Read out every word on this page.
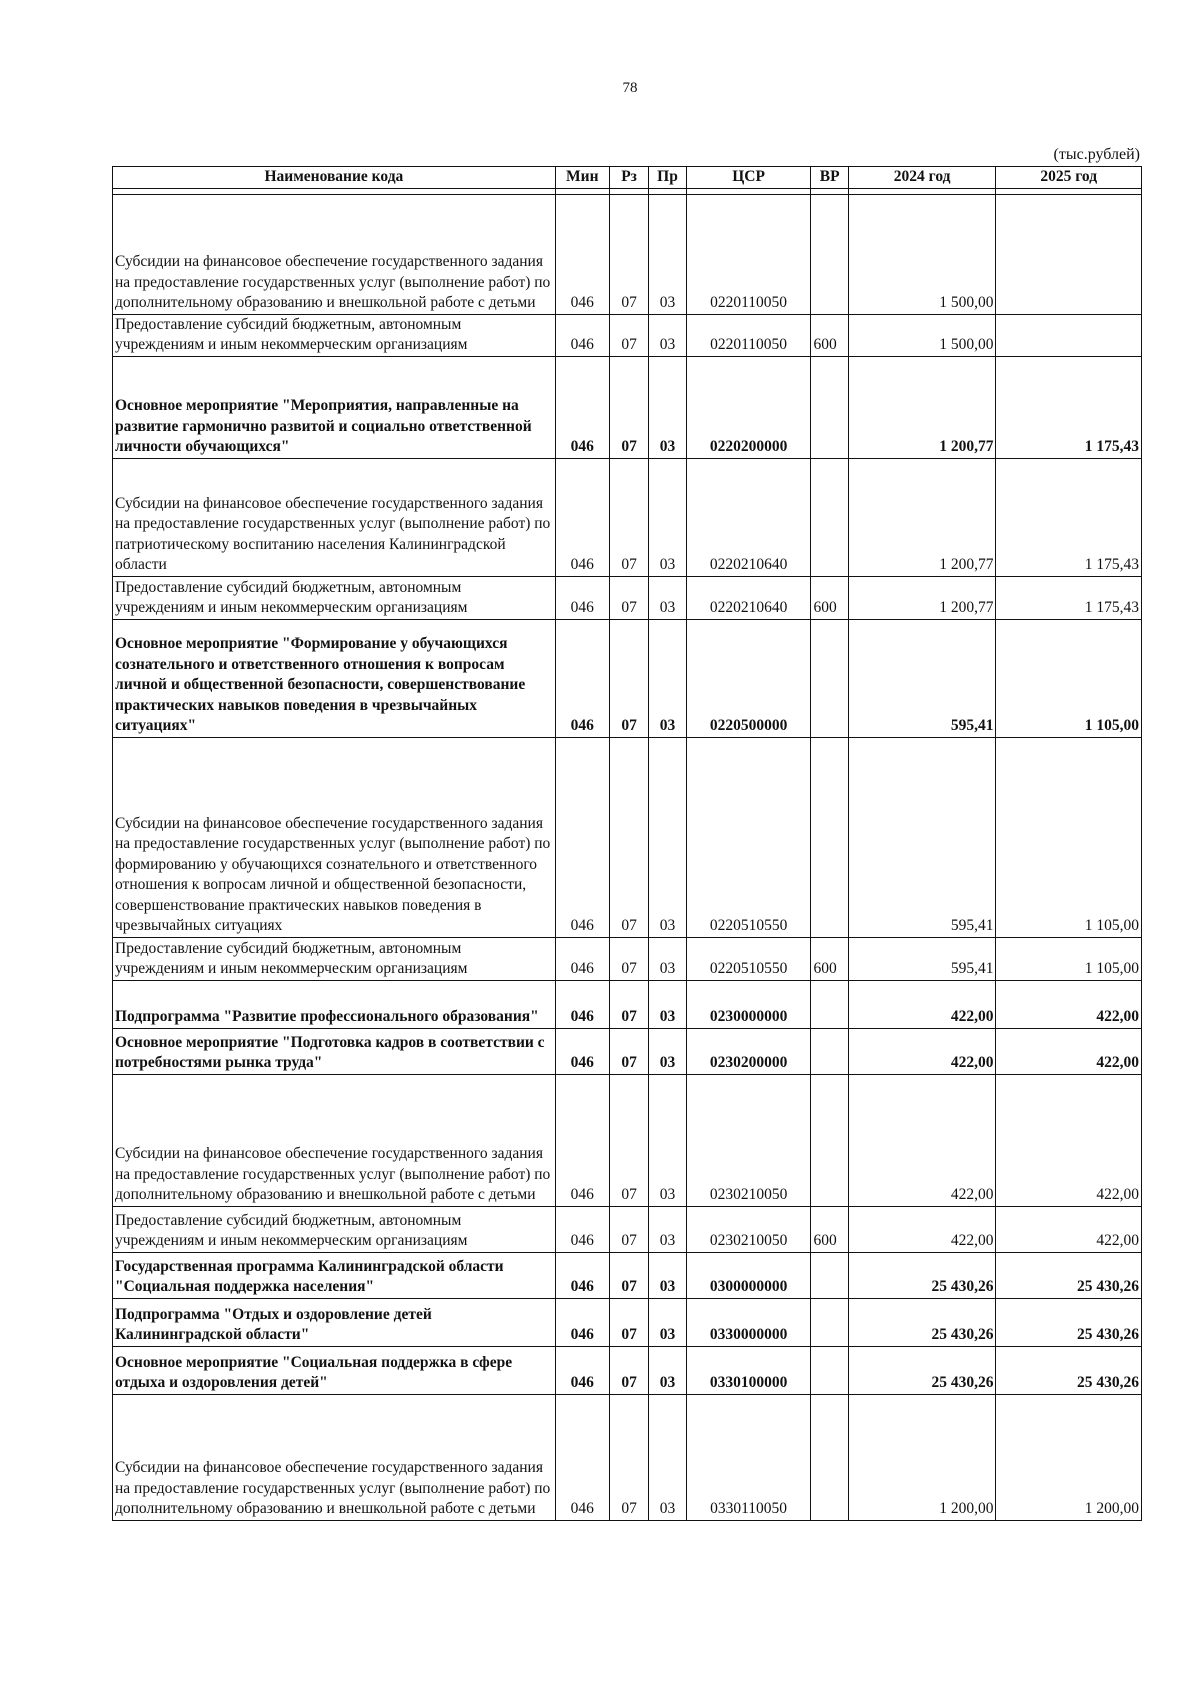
78
(тыс.рублей)
Наименование кода	Мин	Рз	Пр	ЦСР	ВР	2024 год	2025 год

Субсидии на финансовое обеспечение государственного задания на предоставление государственных услуг (выполнение работ) по дополнительному образованию и внешкольной работе с детьми	046	07	03	0220110050		1 500,00	
Предоставление субсидий бюджетным, автономным учреждениям и иным некоммерческим организациям	046	07	03	0220110050	600	1 500,00	
Основное мероприятие "Мероприятия, направленные на развитие гармонично развитой и социально ответственной личности обучающихся"	046	07	03	0220200000		1 200,77	1 175,43
Субсидии на финансовое обеспечение государственного задания на предоставление государственных услуг (выполнение работ) по патриотическому воспитанию населения Калининградской области	046	07	03	0220210640		1 200,77	1 175,43
Предоставление субсидий бюджетным, автономным учреждениям и иным некоммерческим организациям	046	07	03	0220210640	600	1 200,77	1 175,43
Основное мероприятие "Формирование у обучающихся сознательного и ответственного отношения к вопросам личной и общественной безопасности, совершенствование практических навыков поведения в чрезвычайных ситуациях"	046	07	03	0220500000		595,41	1 105,00
Субсидии на финансовое обеспечение государственного задания на предоставление государственных услуг (выполнение работ) по формированию у обучающихся сознательного и ответственного отношения к вопросам личной и общественной безопасности, совершенствование практических навыков поведения в чрезвычайных ситуациях	046	07	03	0220510550		595,41	1 105,00
Предоставление субсидий бюджетным, автономным учреждениям и иным некоммерческим организациям	046	07	03	0220510550	600	595,41	1 105,00
Подпрограмма "Развитие профессионального образования"	046	07	03	0230000000		422,00	422,00
Основное мероприятие "Подготовка кадров в соответствии с потребностями рынка труда"	046	07	03	0230200000		422,00	422,00
Субсидии на финансовое обеспечение государственного задания на предоставление государственных услуг (выполнение работ) по дополнительному образованию и внешкольной работе с детьми	046	07	03	0230210050		422,00	422,00
Предоставление субсидий бюджетным, автономным учреждениям и иным некоммерческим организациям	046	07	03	0230210050	600	422,00	422,00
Государственная программа Калининградской области "Социальная поддержка населения"	046	07	03	0300000000		25 430,26	25 430,26
Подпрограмма "Отдых и оздоровление детей Калининградской области"	046	07	03	0330000000		25 430,26	25 430,26
Основное мероприятие "Социальная поддержка в сфере отдыха и оздоровления детей"	046	07	03	0330100000		25 430,26	25 430,26
Субсидии на финансовое обеспечение государственного задания на предоставление государственных услуг (выполнение работ) по дополнительному образованию и внешкольной работе с детьми	046	07	03	0330110050		1 200,00	1 200,00
